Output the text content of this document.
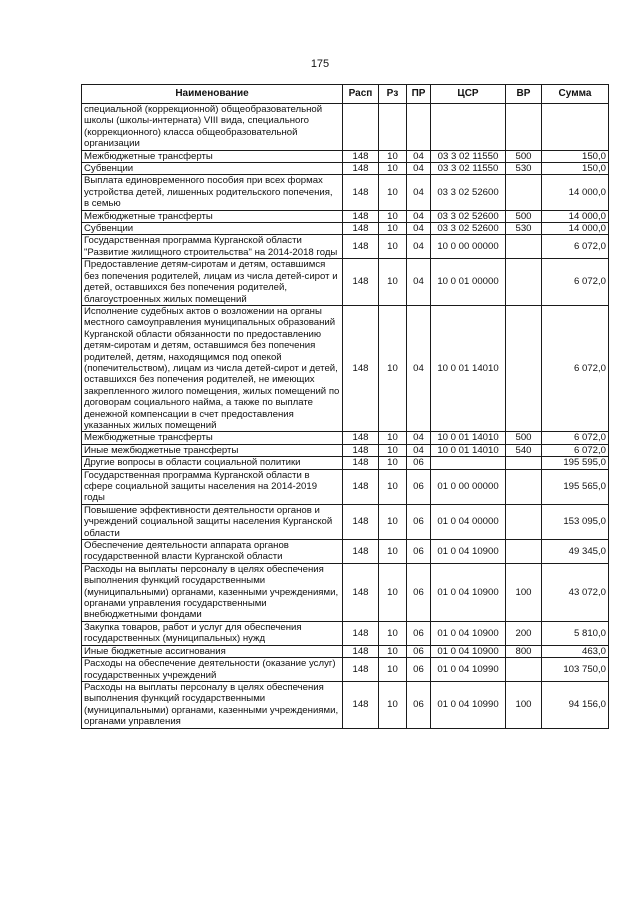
175
Наименование	Расп	Рз	ПР	ЦСР	ВР	Сумма
специальной (коррекционной) общеобразовательной школы (школы-интерната) VIII вида, специального (коррекционного) класса общеобразовательной организации						
Межбюджетные трансферты	148	10	04	03 3 02 11550	500	150,0
Субвенции	148	10	04	03 3 02 11550	530	150,0
Выплата единовременного пособия при всех формах устройства детей, лишенных родительского попечения, в семью	148	10	04	03 3 02 52600		14 000,0
Межбюджетные трансферты	148	10	04	03 3 02 52600	500	14 000,0
Субвенции	148	10	04	03 3 02 52600	530	14 000,0
Государственная программа Курганской области "Развитие жилищного строительства" на 2014-2018 годы	148	10	04	10 0 00 00000		6 072,0
Предоставление детям-сиротам и детям, оставшимся без попечения родителей, лицам из числа детей-сирот и детей, оставшихся без попечения родителей, благоустроенных жилых помещений	148	10	04	10 0 01 00000		6 072,0
Исполнение судебных актов о возложении на органы местного самоуправления муниципальных образований Курганской области обязанности по предоставлению детям-сиротам и детям, оставшимся без попечения родителей, детям, находящимся под опекой (попечительством), лицам из числа детей-сирот и детей, оставшихся без попечения родителей, не имеющих закрепленного жилого помещения, жилых помещений по договорам социального найма, а также по выплате денежной компенсации в счет предоставления указанных жилых помещений	148	10	04	10 0 01 14010		6 072,0
Межбюджетные трансферты	148	10	04	10 0 01 14010	500	6 072,0
Иные межбюджетные трансферты	148	10	04	10 0 01 14010	540	6 072,0
Другие вопросы в области социальной политики	148	10	06			195 595,0
Государственная программа Курганской области в сфере социальной защиты населения на 2014-2019 годы	148	10	06	01 0 00 00000		195 565,0
Повышение эффективности деятельности органов и учреждений социальной защиты населения Курганской области	148	10	06	01 0 04 00000		153 095,0
Обеспечение деятельности аппарата органов государственной власти Курганской области	148	10	06	01 0 04 10900		49 345,0
Расходы на выплаты персоналу в целях обеспечения выполнения функций государственными (муниципальными) органами, казенными учреждениями, органами управления государственными внебюджетными фондами	148	10	06	01 0 04 10900	100	43 072,0
Закупка товаров, работ и услуг для обеспечения государственных (муниципальных) нужд	148	10	06	01 0 04 10900	200	5 810,0
Иные бюджетные ассигнования	148	10	06	01 0 04 10900	800	463,0
Расходы на обеспечение деятельности (оказание услуг) государственных учреждений	148	10	06	01 0 04 10990		103 750,0
Расходы на выплаты персоналу в целях обеспечения выполнения функций государственными (муниципальными) органами, казенными учреждениями, органами управления	148	10	06	01 0 04 10990	100	94 156,0
